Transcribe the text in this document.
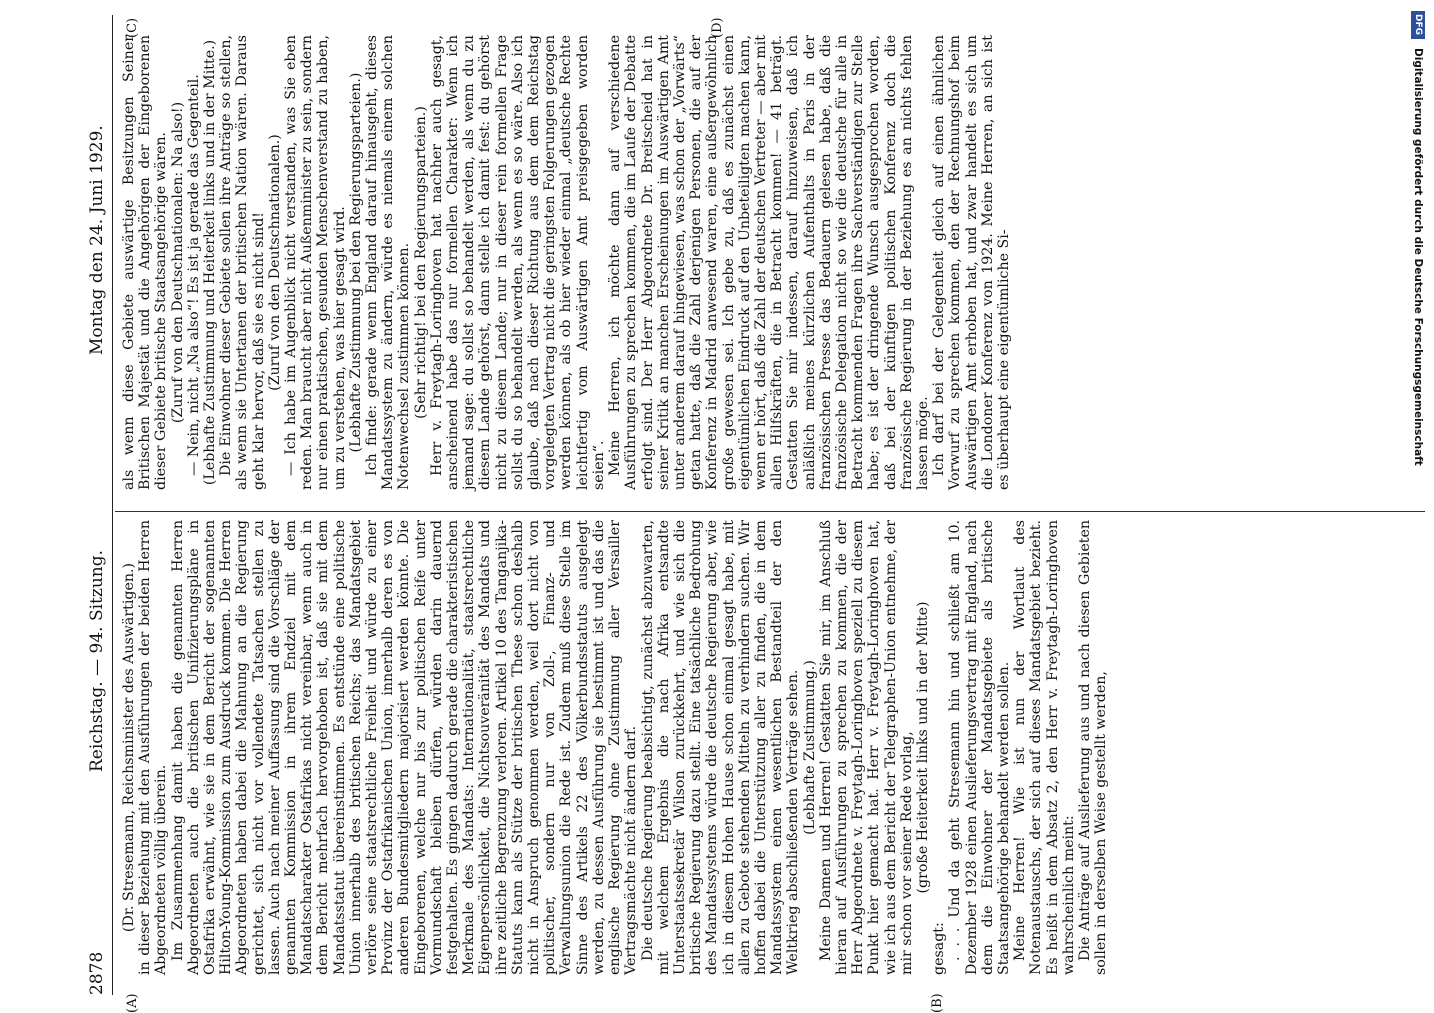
2878
Reichstag. — 94. Sitzung.
Montag den 24. Juni 1929.
(A)	(B)
(C)	(D)

(Dr. Stresemann, Reichsminister des Auswärtigen.) in dieser Beziehung mit den Ausführungen der beiden Herren Abgeordneten völlig überein. Im Zusammenhang damit haben die genannten Herren Abgeordneten auch die britischen Unifizierungspläne in Ostafrika erwähnt, wie sie in dem Bericht der sogenannten Hilton-Young-Kommission zum Ausdruck kommen. Die Herren Abgeordneten haben dabei die Mahnung an die Regierung gerichtet, sich nicht vor vollendete Tatsachen stellen zu lassen. Auch nach meiner Auffassung sind die Vorschläge der genannten Kommission in ihrem Endziel mit dem Mandatscharakter Ostafrikas nicht vereinbar, wenn auch in dem Bericht mehrfach hervorgehoben ist, daß sie mit dem Mandatsstatut übereinstimmen. Es entstünde eine politische Union innerhalb des britischen Reichs; das Mandatsgebiet verlöre seine staatsrechtliche Freiheit und würde zu einer Provinz der Ostafrikanischen Union, innerhalb deren es von anderen Bundesmitgliedern majorisiert werden könnte. Die Eingeborenen, welche nur bis zur politischen Reife unter Vormundschaft bleiben dürfen, würden darin dauernd festgehalten. Es gingen dadurch gerade die charakteristischen Merkmale des Mandats: Internationalität, staatsrechtliche Eigenpersönlichkeit, die Nichtsouveränität des Mandats und ihre zeitliche Begrenzung verloren. Artikel 10 des Tanganjika-Statuts kann als Stütze der britischen These schon deshalb nicht in Anspruch genommen werden, weil dort nicht von politischer, sondern nur von Zoll-, Finanz- und Verwaltungsunion die Rede ist. Zudem muß diese Stelle im Sinne des Artikels 22 des Völkerbundsstatuts ausgelegt werden, zu dessen Ausführung sie bestimmt ist und das die englische Regierung ohne Zustimmung aller Versailler Vertragsmächte nicht ändern darf. Die deutsche Regierung beabsichtigt, zunächst abzuwarten, mit welchem Ergebnis die nach Afrika entsandte Unterstaatssekretär Wilson zurückkehrt, und wie sich die britische Regierung dazu stellt. Eine tatsächliche Bedrohung des Mandatssystems würde die deutsche Regierung aber, wie ich in diesem Hohen Hause schon einmal gesagt habe, mit allen zu Gebote stehenden Mitteln zu verhindern suchen. Wir hoffen dabei die Unterstützung aller zu finden, die in dem Mandatssystem einen wesentlichen Bestandteil der den Weltkrieg abschließenden Verträge sehen. (Lebhafte Zustimmung.) Meine Damen und Herren! Gestatten Sie mir, im Anschluß hieran auf Ausführungen zu sprechen zu kommen, die der Herr Abgeordnete v. Freytagh-Loringhoven speziell zu diesem Punkt hier gemacht hat. Herr v. Freytagh-Loringhoven hat, wie ich aus dem Bericht der Telegraphen-Union entnehme, der mir schon vor seiner Rede vorlag, (große Heiterkeit links und in der Mitte)

gesagt: . . . Und da geht Stresemann hin und schließt am 10. Dezember 1928 einen Auslieferungsvertrag mit England, nach dem die Einwohner der Mandatsgebiete als britische Staatsangehörige behandelt werden sollen. Meine Herren! Wie ist nun der Wortlaut des Notenaustauschs, der sich auf dieses Mandatsgebiet bezieht. Es heißt in dem Absatz 2, den Herr v. Freytagh-Loringhoven wahrscheinlich meint: Die Anträge auf Auslieferung aus und nach diesen Gebieten sollen in derselben Weise gestellt werden,

als wenn diese Gebiete auswärtige Besitzungen Seiner Britischen Majestät und die Angehörigen der Eingeborenen dieser Gebiete britische Staatsangehörige wären. (Zuruf von den Deutschnationalen: Na also!) — Nein, nicht „Na also“! Es ist ja gerade das Gegenteil. (Lebhafte Zustimmung und Heiterkeit links und in der Mitte.) Die Einwohner dieser Gebiete sollen ihre Anträge so stellen, als wenn sie Untertanen der britischen Nation wären. Daraus geht klar hervor, daß sie es nicht sind! (Zuruf von den Deutschnationalen.) — Ich habe im Augenblick nicht verstanden, was Sie eben reden. Man braucht aber nicht Außenminister zu sein, sondern nur einen praktischen, gesunden Menschenverstand zu haben, um zu verstehen, was hier gesagt wird. (Lebhafte Zustimmung bei den Regierungsparteien.) Ich finde: gerade wenn England darauf hinausgeht, dieses Mandatssystem zu ändern, würde es niemals einem solchen Notenwechsel zustimmen können. (Sehr richtig! bei den Regierungsparteien.) Herr v. Freytagh-Loringhoven hat nachher auch gesagt, anscheinend habe das nur formellen Charakter: Wenn ich jemand sage: du sollst so behandelt werden, als wenn du zu diesem Lande gehörst, dann stelle ich damit fest: du gehörst nicht zu diesem Lande; nur in dieser rein formellen Frage sollst du so behandelt werden, als wenn es so wäre. Also ich glaube, daß nach dieser Richtung aus dem dem Reichstag vorgelegten Vertrag nicht die geringsten Folgerungen gezogen werden können, als ob hier wieder einmal „deutsche Rechte leichtfertig vom Auswärtigen Amt preisgegeben worden seien“. Meine Herren, ich möchte dann auf verschiedene Ausführungen zu sprechen kommen, die im Laufe der Debatte erfolgt sind. Der Herr Abgeordnete Dr. Breitscheid hat in seiner Kritik an manchen Erscheinungen im Auswärtigen Amt unter anderem darauf hingewiesen, was schon der „Vorwärts“ getan hatte, daß die Zahl derjenigen Personen, die auf der Konferenz in Madrid anwesend waren, eine außergewöhnlich große gewesen sei. Ich gebe zu, daß es zunächst einen eigentümlichen Eindruck auf den Unbeteiligten machen kann, wenn er hört, daß die Zahl der deutschen Vertreter — aber mit allen Hilfskräften, die in Betracht kommen! — 41 beträgt. Gestatten Sie mir indessen, darauf hinzuweisen, daß ich anläßlich meines kürzlichen Aufenthalts in Paris in der französischen Presse das Bedauern gelesen habe, daß die französische Delegation nicht so wie die deutsche für alle in Betracht kommenden Fragen ihre Sachverständigen zur Stelle habe; es ist der dringende Wunsch ausgesprochen worden, daß bei der künftigen politischen Konferenz doch die französische Regierung in der Beziehung es an nichts fehlen lassen möge. Ich darf bei der Gelegenheit gleich auf einen ähnlichen Vorwurf zu sprechen kommen, den der Rechnungshof beim Auswärtigen Amt erhoben hat, und zwar handelt es sich um die Londoner Konferenz von 1924. Meine Herren, an sich ist es überhaupt eine eigentümliche Si-

DFG
Digitalisierung gefördert durch die Deutsche Forschungsgemeinschaft
